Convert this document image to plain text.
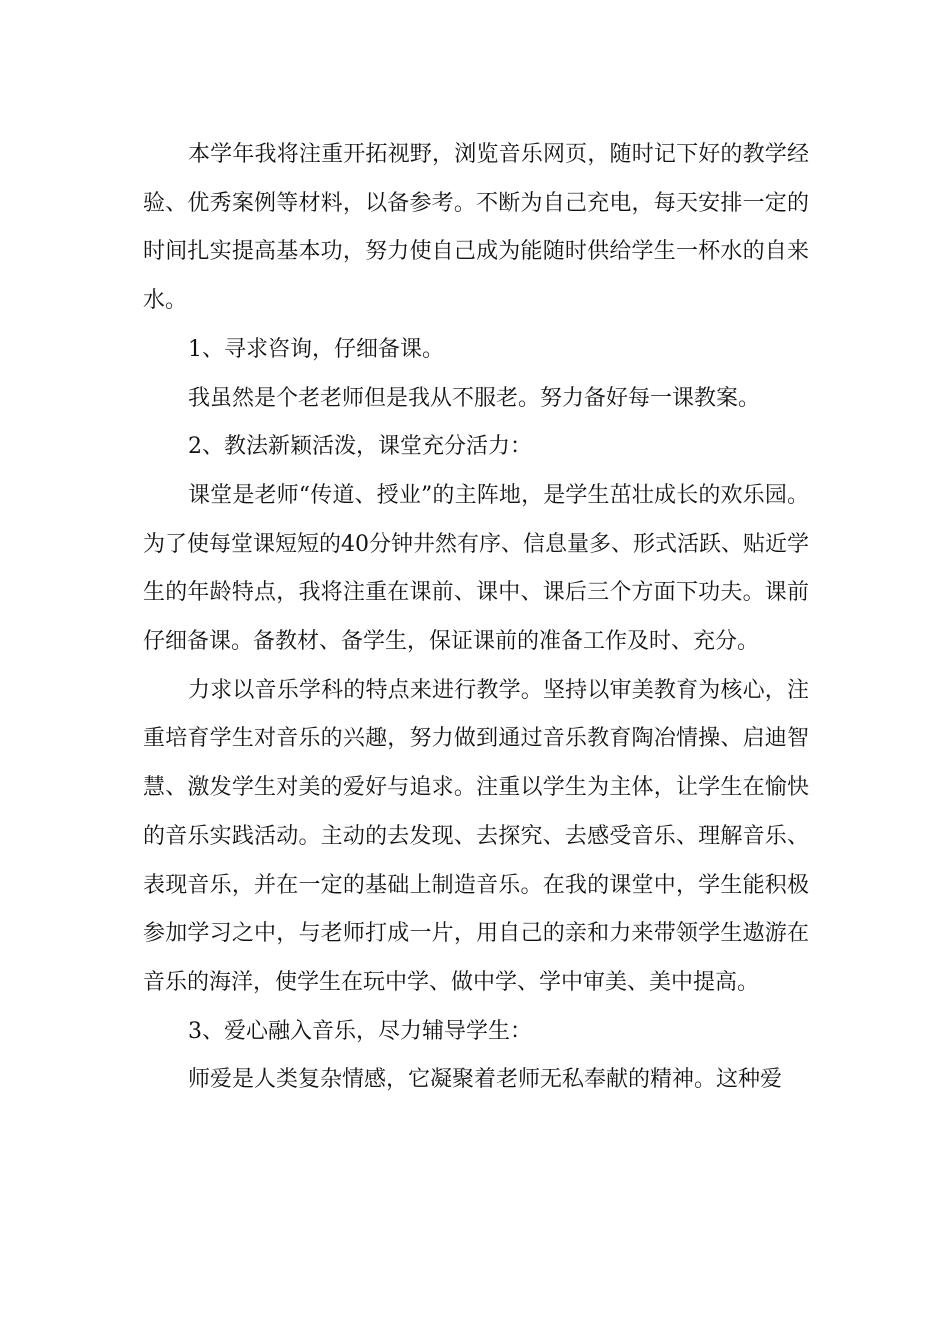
本学年我将注重开拓视野，浏览音乐网页，随时记下好的教学经验、优秀案例等材料，以备参考。不断为自己充电，每天安排一定的时间扎实提高基本功，努力使自己成为能随时供给学生一杯水的自来水。

1、寻求咨询，仔细备课。

我虽然是个老老师但是我从不服老。努力备好每一课教案。

2、教法新颖活泼，课堂充分活力：

课堂是老师“传道、授业”的主阵地，是学生茁壮成长的欢乐园。为了使每堂课短短的40分钟井然有序、信息量多、形式活跃、贴近学生的年龄特点，我将注重在课前、课中、课后三个方面下功夫。课前仔细备课。备教材、备学生，保证课前的准备工作及时、充分。

力求以音乐学科的特点来进行教学。坚持以审美教育为核心，注重培育学生对音乐的兴趣，努力做到通过音乐教育陶冶情操、启迪智慧、激发学生对美的爱好与追求。注重以学生为主体，让学生在愉快的音乐实践活动。主动的去发现、去探究、去感受音乐、理解音乐、表现音乐，并在一定的基础上制造音乐。在我的课堂中，学生能积极参加学习之中，与老师打成一片，用自己的亲和力来带领学生遨游在音乐的海洋，使学生在玩中学、做中学、学中审美、美中提高。

3、爱心融入音乐，尽力辅导学生：

师爱是人类复杂情感，它凝聚着老师无私奉献的精神。这种爱
